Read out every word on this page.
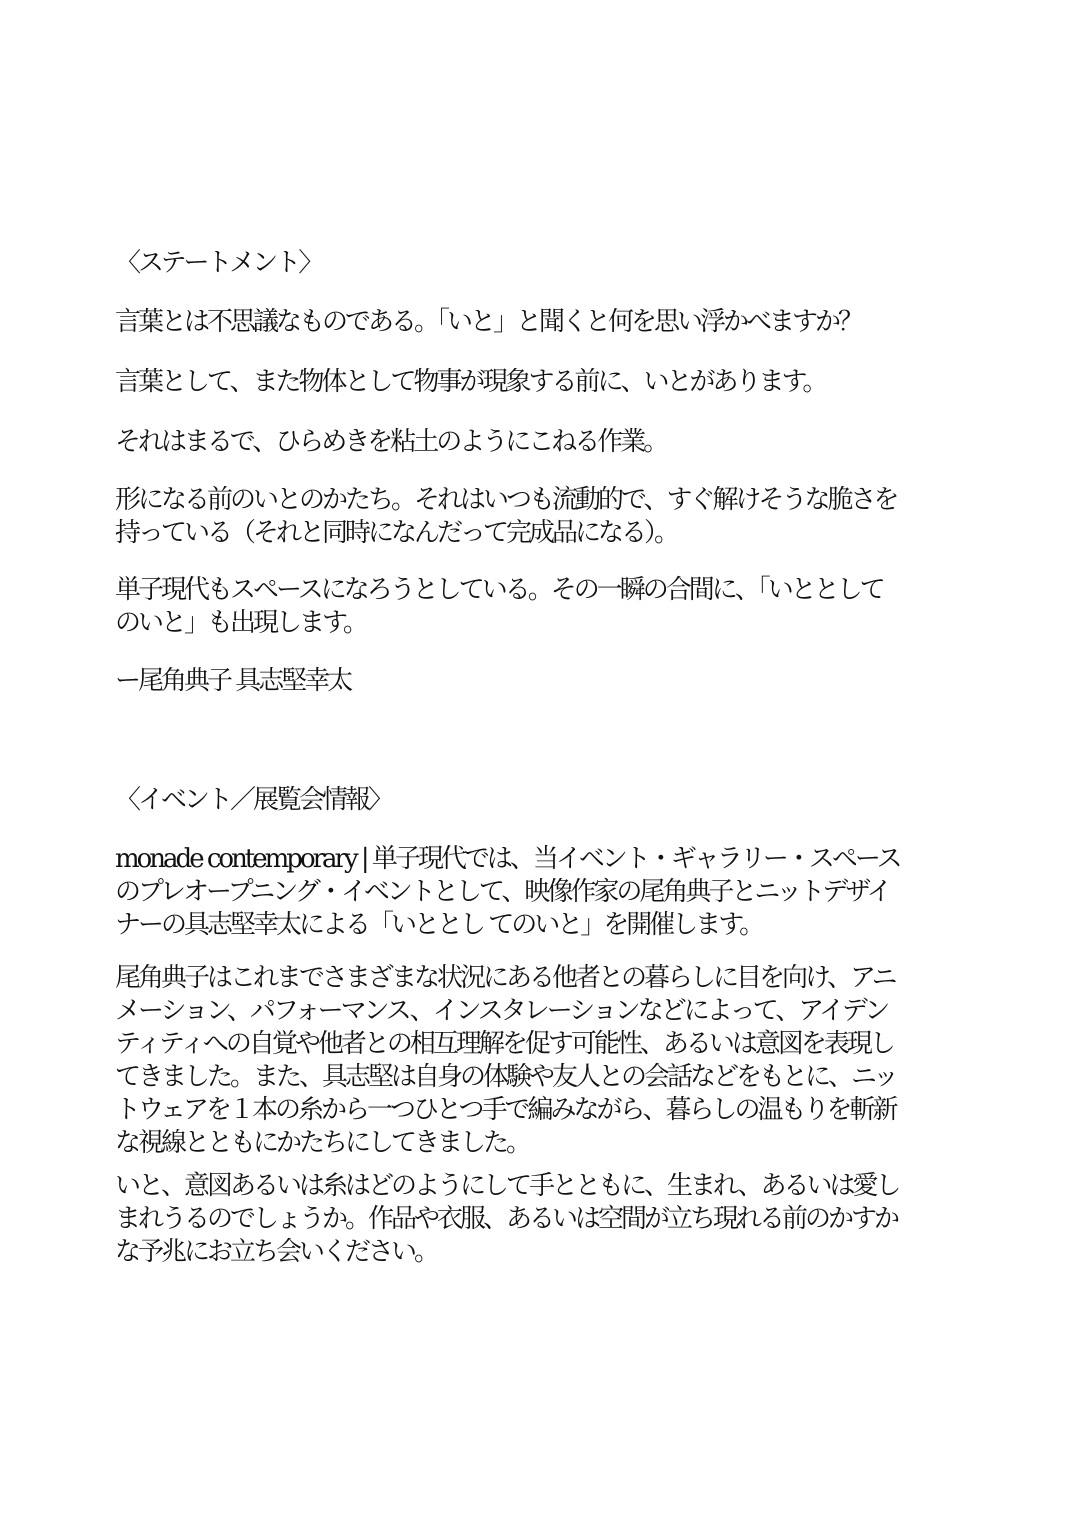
〈ステートメント〉
言葉とは不思議なものである。「いと」と聞くと何を思い浮かべますか？
言葉として、また物体として物事が現象する前に、いとがあります。
それはまるで、ひらめきを粘土のようにこねる作業。
形になる前のいとのかたち。それはいつも流動的で、すぐ解けそうな脆さを
持っている（それと同時になんだって完成品になる）。
単子現代もスペースになろうとしている。その一瞬の合間に、「いととして
のいと」も出現します。
ー尾角典子 具志堅幸太
〈イベント／展覧会情報〉
monade contemporary | 単子現代では、当イベント・ギャラリー・スペース
のプレオープニング・イベントとして、映像作家の尾角典子とニットデザイ
ナーの具志堅幸太による「いととし てのいと」を開催します。
尾角典子はこれまでさまざまな状況にある他者との暮らしに目を向け、アニ
メーション、パフォーマンス、インスタレーションなどによって、アイデン
ティティへの自覚や他者との相互理解を促す可能性、あるいは意図を表現し
てきました。また、具志堅は自身の体験や友人との会話などをもとに、ニッ
トウェアを１本の糸から一つひとつ手で編みながら、暮らしの温もりを斬新
な視線とともにかたちにしてきました。
いと、意図あるいは糸はどのようにして手とともに、生まれ、あるいは愛し
まれうるのでしょうか。作品や衣服、あるいは空間が立ち現れる前のかすか
な予兆にお立ち会いください。
